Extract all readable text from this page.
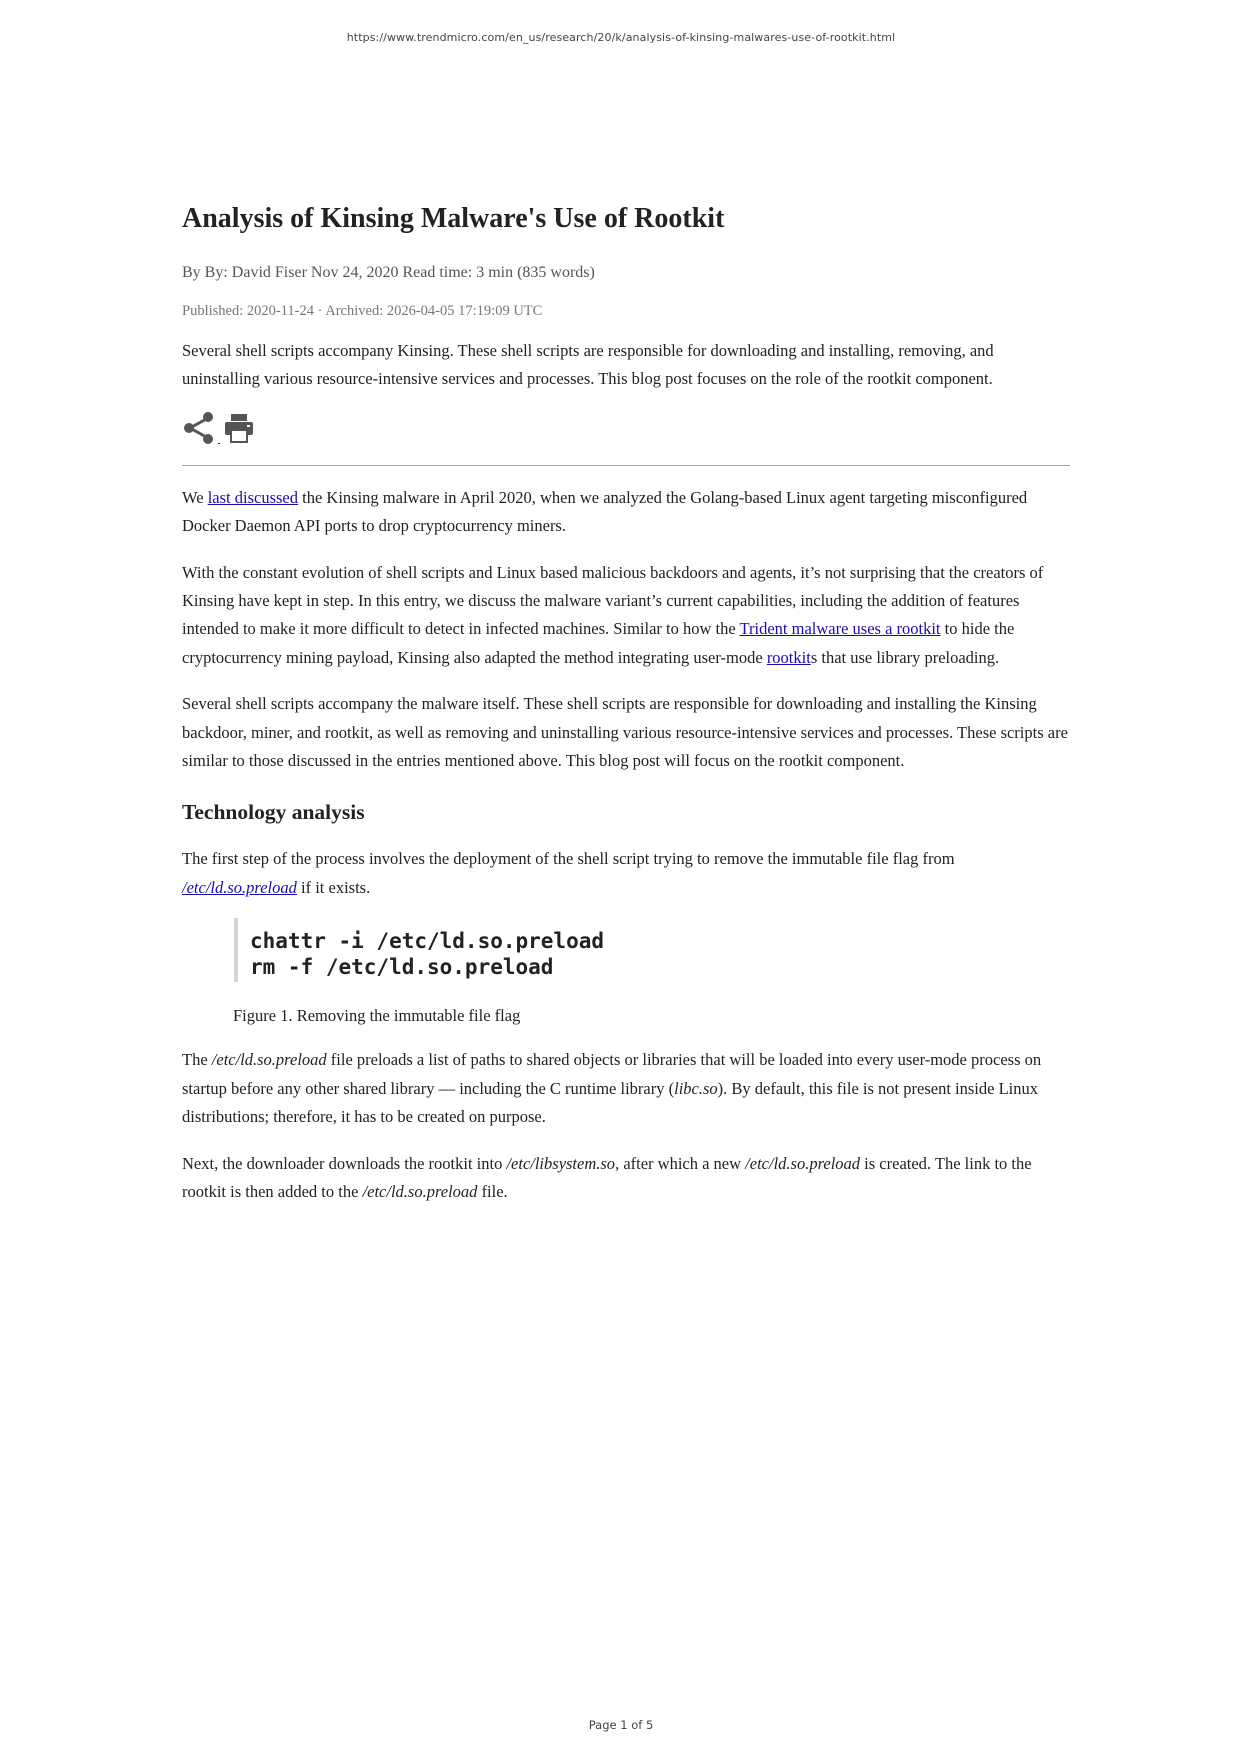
https://www.trendmicro.com/en_us/research/20/k/analysis-of-kinsing-malwares-use-of-rootkit.html
Analysis of Kinsing Malware's Use of Rootkit
By By: David Fiser Nov 24, 2020 Read time: 3 min (835 words)
Published: 2020-11-24 · Archived: 2026-04-05 17:19:09 UTC

Several shell scripts accompany Kinsing. These shell scripts are responsible for downloading and installing, removing, and uninstalling various resource-intensive services and processes. This blog post focuses on the role of the rootkit component.

We last discussed the Kinsing malware in April 2020, when we analyzed the Golang-based Linux agent targeting misconfigured Docker Daemon API ports to drop cryptocurrency miners.

With the constant evolution of shell scripts and Linux based malicious backdoors and agents, it’s not surprising that the creators of Kinsing have kept in step. In this entry, we discuss the malware variant’s current capabilities, including the addition of features intended to make it more difficult to detect in infected machines. Similar to how the Trident malware uses a rootkit to hide the cryptocurrency mining payload, Kinsing also adapted the method integrating user-mode rootkits that use library preloading.

Several shell scripts accompany the malware itself. These shell scripts are responsible for downloading and installing the Kinsing backdoor, miner, and rootkit, as well as removing and uninstalling various resource-intensive services and processes. These scripts are similar to those discussed in the entries mentioned above. This blog post will focus on the rootkit component.

Technology analysis

The first step of the process involves the deployment of the shell script trying to remove the immutable file flag from /etc/ld.so.preload if it exists.

chattr -i /etc/ld.so.preload
rm -f /etc/ld.so.preload
Figure 1. Removing the immutable file flag

The /etc/ld.so.preload file preloads a list of paths to shared objects or libraries that will be loaded into every user-mode process on startup before any other shared library — including the C runtime library (libc.so). By default, this file is not present inside Linux distributions; therefore, it has to be created on purpose.

Next, the downloader downloads the rootkit into /etc/libsystem.so, after which a new /etc/ld.so.preload is created. The link to the rootkit is then added to the /etc/ld.so.preload file.

Page 1 of 5
